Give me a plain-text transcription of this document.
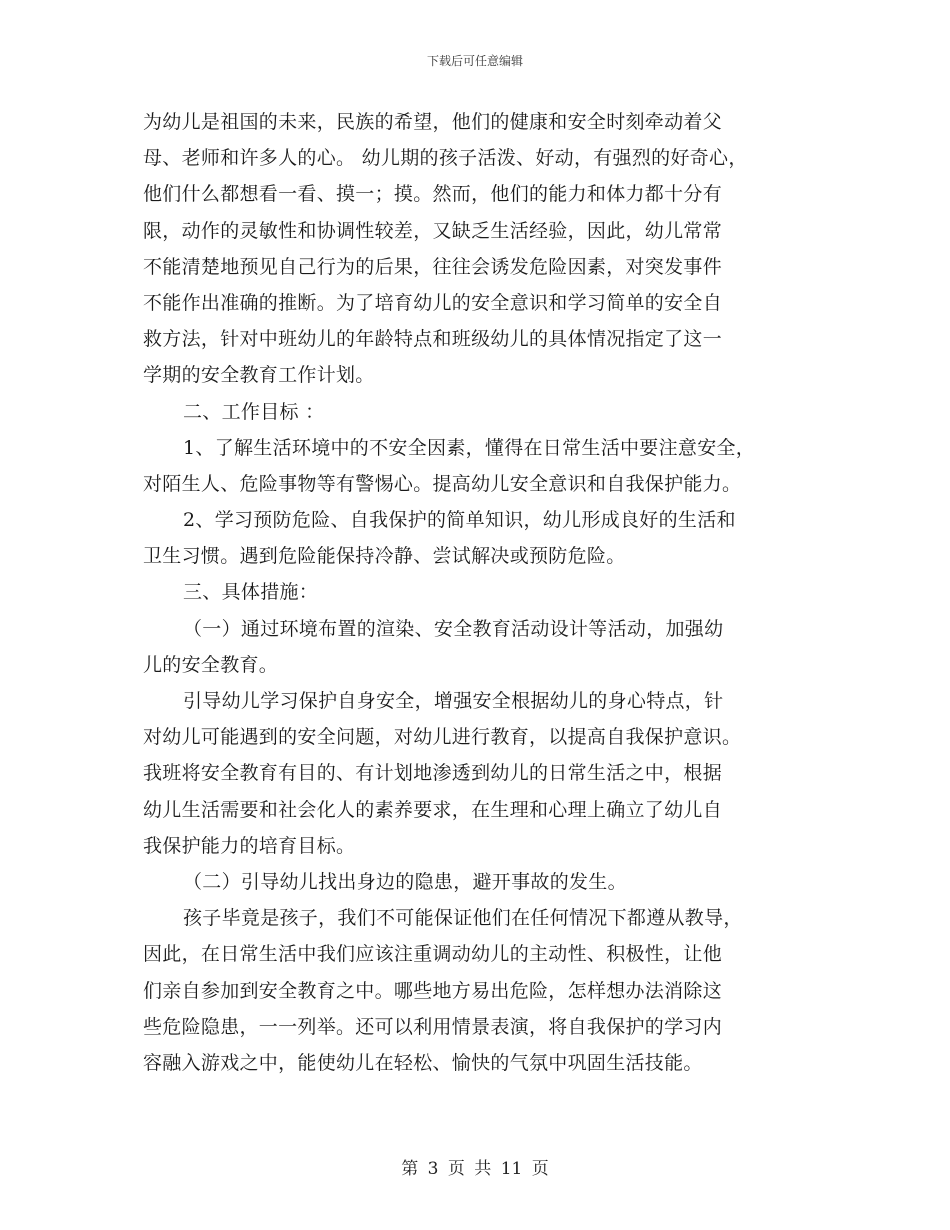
下载后可任意编辑
为幼儿是祖国的未来，民族的希望，他们的健康和安全时刻牵动着父
母、老师和许多人的心。 幼儿期的孩子活泼、好动，有强烈的好奇心，
他们什么都想看一看、摸一；摸。然而，他们的能力和体力都十分有
限，动作的灵敏性和协调性较差，又缺乏生活经验，因此，幼儿常常
不能清楚地预见自己行为的后果，往往会诱发危险因素，对突发事件
不能作出准确的推断。为了培育幼儿的安全意识和学习简单的安全自
救方法，针对中班幼儿的年龄特点和班级幼儿的具体情况指定了这一
学期的安全教育工作计划。
二、工作目标 ：
1、了解生活环境中的不安全因素，懂得在日常生活中要注意安全，
对陌生人、危险事物等有警惕心。提高幼儿安全意识和自我保护能力。
2、学习预防危险、自我保护的简单知识，幼儿形成良好的生活和
卫生习惯。遇到危险能保持冷静、尝试解决或预防危险。
三、具体措施：
（一）通过环境布置的渲染、安全教育活动设计等活动，加强幼
儿的安全教育。
引导幼儿学习保护自身安全，增强安全根据幼儿的身心特点，针
对幼儿可能遇到的安全问题，对幼儿进行教育，以提高自我保护意识。
我班将安全教育有目的、有计划地渗透到幼儿的日常生活之中，根据
幼儿生活需要和社会化人的素养要求，在生理和心理上确立了幼儿自
我保护能力的培育目标。
（二）引导幼儿找出身边的隐患，避开事故的发生。
孩子毕竟是孩子，我们不可能保证他们在任何情况下都遵从教导，
因此，在日常生活中我们应该注重调动幼儿的主动性、积极性，让他
们亲自参加到安全教育之中。哪些地方易出危险，怎样想办法消除这
些危险隐患，一一列举。还可以利用情景表演，将自我保护的学习内
容融入游戏之中，能使幼儿在轻松、愉快的气氛中巩固生活技能。
第 3 页 共 11 页
